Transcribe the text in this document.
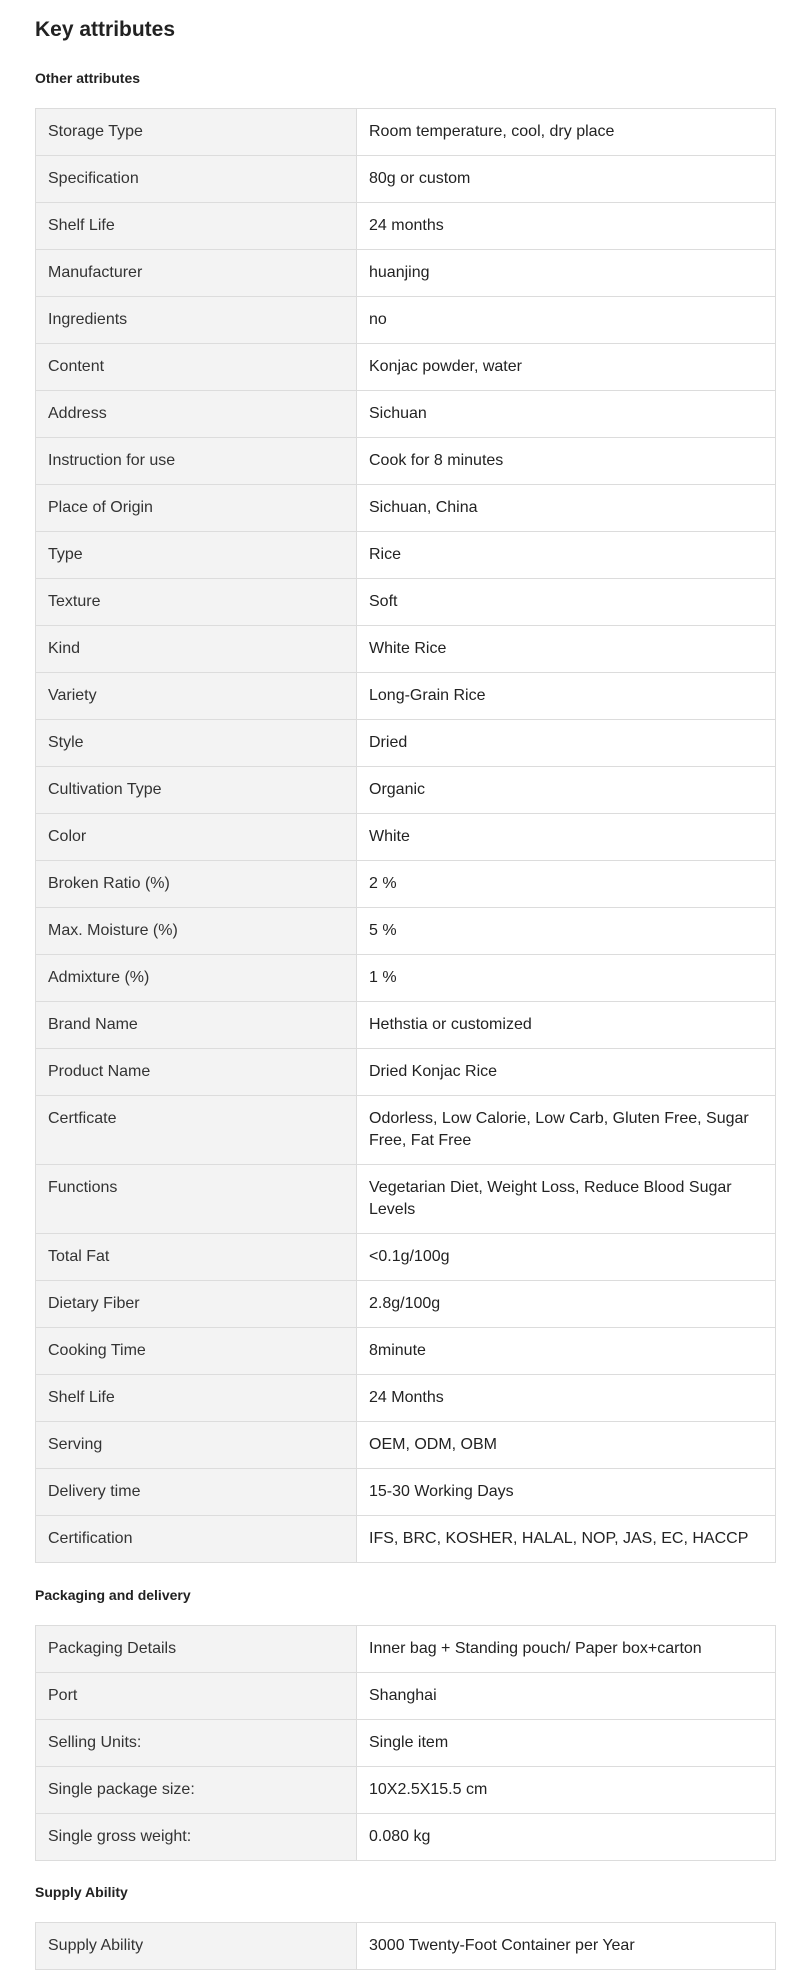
Key attributes
Other attributes
Storage Type	Room temperature, cool, dry place

Specification	80g or custom

Shelf Life	24 months

Manufacturer	huanjing

Ingredients	no

Content	Konjac powder, water

Address	Sichuan

Instruction for use	Cook for 8 minutes

Place of Origin	Sichuan, China

Type	Rice

Texture	Soft

Kind	White Rice

Variety	Long-Grain Rice

Style	Dried

Cultivation Type	Organic

Color	White

Broken Ratio (%)	2 %

Max. Moisture (%)	5 %

Admixture (%)	1 %

Brand Name	Hethstia or customized

Product Name	Dried Konjac Rice

Certficate	Odorless, Low Calorie, Low Carb, Gluten Free, Sugar Free, Fat Free

Functions	Vegetarian Diet, Weight Loss, Reduce Blood Sugar Levels

Total Fat	<0.1g/100g

Dietary Fiber	2.8g/100g

Cooking Time	8minute

Shelf Life	24 Months

Serving	OEM, ODM, OBM

Delivery time	15-30 Working Days

Certification	IFS, BRC, KOSHER, HALAL, NOP, JAS, EC, HACCP
Packaging and delivery
Packaging Details	Inner bag + Standing pouch/ Paper box+carton

Port	Shanghai

Selling Units:	Single item

Single package size:	10X2.5X15.5 cm

Single gross weight:	0.080 kg
Supply Ability
Supply Ability	3000 Twenty-Foot Container per Year
